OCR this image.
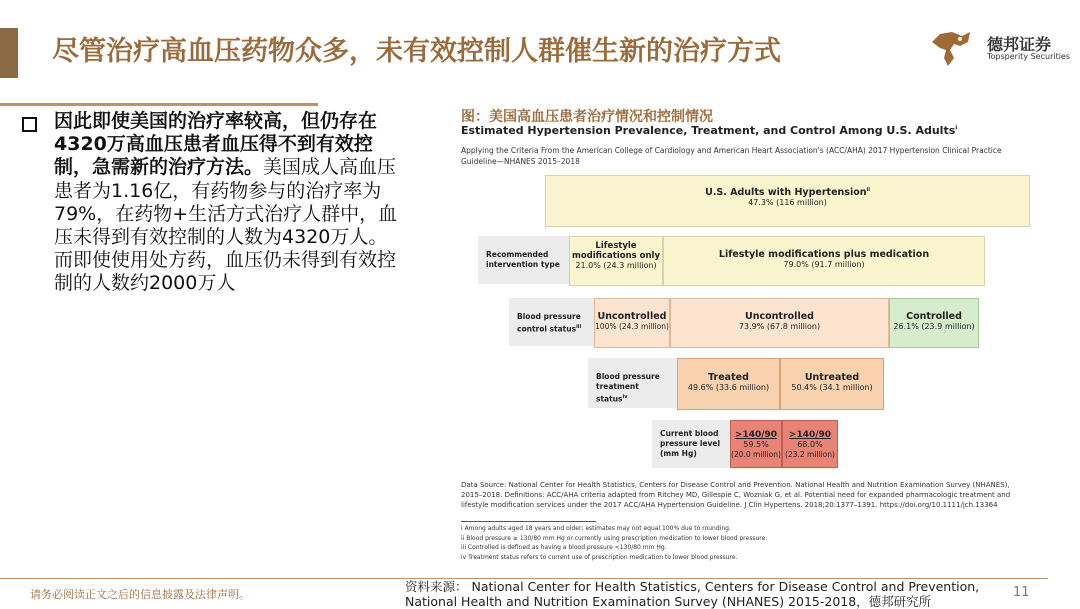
尽管治疗高血压药物众多，未有效控制人群催生新的治疗方式	德邦证券
Topsperity Securities
因此即使美国的治疗率较高，但仍存在4320万高血压患者血压得不到有效控制，急需新的治疗方法。美国成人高血压患者为1.16亿，有药物参与的治疗率为79%，在药物+生活方式治疗人群中，血压未得到有效控制的人数为4320万人。而即使使用处方药，血压仍未得到有效控制的人数约2000万人
图：美国高血压患者治疗情况和控制情况
Estimated Hypertension Prevalence, Treatment, and Control Among U.S. Adults$^i$
Applying the Criteria From the American College of Cardiology and American Heart Association's (ACC/AHA) 2017 Hypertension Clinical Practice Guideline—NHANES 2015–2018
U.S. Adults with Hypertension$^{ii}$
47.3% (116 million)
Recommended intervention type
Lifestyle modifications only
21.0% (24.3 million)
Lifestyle modifications plus medication
79.0% (91.7 million)
Blood pressure control status$^{iii}$
Uncontrolled
100% (24.3 million)
Uncontrolled
73.9% (67.8 million)
Controlled
26.1% (23.9 million)
Blood pressure treatment status$^{iv}$
Treated
49.6% (33.6 million)
Untreated
50.4% (34.1 million)
Current blood pressure level (mm Hg)
>140/90
59.5%
(20.0 million)
>140/90
68.0%
(23.2 million)
Data Source: National Center for Health Statistics, Centers for Disease Control and Prevention. National Health and Nutrition Examination Survey (NHANES), 2015–2018. Definitions: ACC/AHA criteria adapted from Ritchey MD, Gillespie C, Wozniak G, et al. Potential need for expanded pharmacologic treatment and lifestyle modification services under the 2017 ACC/AHA Hypertension Guideline. J Clin Hypertens. 2018;20:1377–1391. https://doi.org/10.1111/jch.13364
i Among adults aged 18 years and older; estimates may not equal 100% due to rounding.
ii Blood pressure ≥ 130/80 mm Hg or currently using prescription medication to lower blood pressure.
iii Controlled is defined as having a blood pressure <130/80 mm Hg.
iv Treatment status refers to current use of prescription medication to lower blood pressure.
请务必阅读正文之后的信息披露及法律声明。
资料来源： National Center for Health Statistics, Centers for Disease Control and Prevention, National Health and Nutrition Examination Survey (NHANES) 2015-2018，德邦研究所
11
